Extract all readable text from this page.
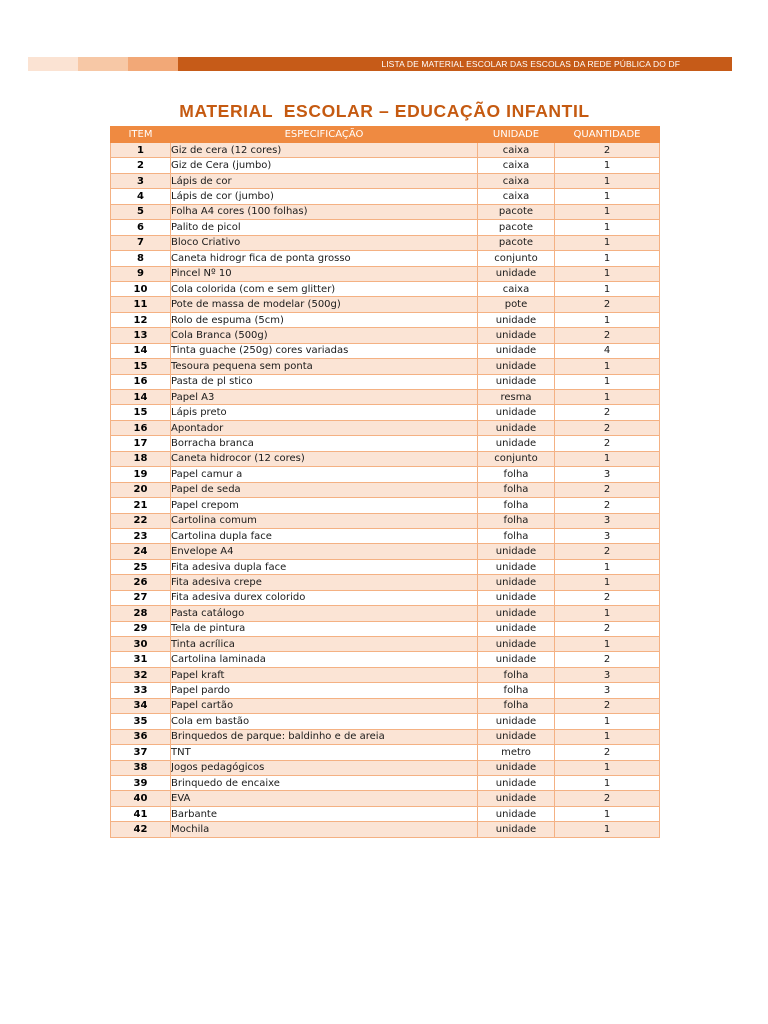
LISTA DE MATERIAL ESCOLAR DAS ESCOLAS DA REDE PÚBLICA DO DF
MATERIAL  ESCOLAR – EDUCAÇÃO INFANTIL
ITEM	ESPECIFICAÇÃO	UNIDADE	QUANTIDADE
1	Giz de cera (12 cores)	caixa	2
2	Giz de Cera (jumbo)	caixa	1
3	Lápis de cor	caixa	1
4	Lápis de cor (jumbo)	caixa	1
5	Folha A4 cores (100 folhas)	pacote	1
6	Palito de picol	pacote	1
7	Bloco Criativo	pacote	1
8	Caneta hidrogr fica de ponta grosso	conjunto	1
9	Pincel Nº 10	unidade	1
10	Cola colorida (com e sem glitter)	caixa	1
11	Pote de massa de modelar (500g)	pote	2
12	Rolo de espuma (5cm)	unidade	1
13	Cola Branca (500g)	unidade	2
14	Tinta guache (250g) cores variadas	unidade	4
15	Tesoura pequena sem ponta	unidade	1
16	Pasta de pl stico	unidade	1
14	Papel A3	resma	1
15	Lápis preto	unidade	2
16	Apontador	unidade	2
17	Borracha branca	unidade	2
18	Caneta hidrocor (12 cores)	conjunto	1
19	Papel camur a	folha	3
20	Papel de seda	folha	2
21	Papel crepom	folha	2
22	Cartolina comum	folha	3
23	Cartolina dupla face	folha	3
24	Envelope A4	unidade	2
25	Fita adesiva dupla face	unidade	1
26	Fita adesiva crepe	unidade	1
27	Fita adesiva durex colorido	unidade	2
28	Pasta catálogo	unidade	1
29	Tela de pintura	unidade	2
30	Tinta acrílica	unidade	1
31	Cartolina laminada	unidade	2
32	Papel kraft	folha	3
33	Papel pardo	folha	3
34	Papel cartão	folha	2
35	Cola em bastão	unidade	1
36	Brinquedos de parque: baldinho e de areia	unidade	1
37	TNT	metro	2
38	Jogos pedagógicos	unidade	1
39	Brinquedo de encaixe	unidade	1
40	EVA	unidade	2
41	Barbante	unidade	1
42	Mochila	unidade	1
